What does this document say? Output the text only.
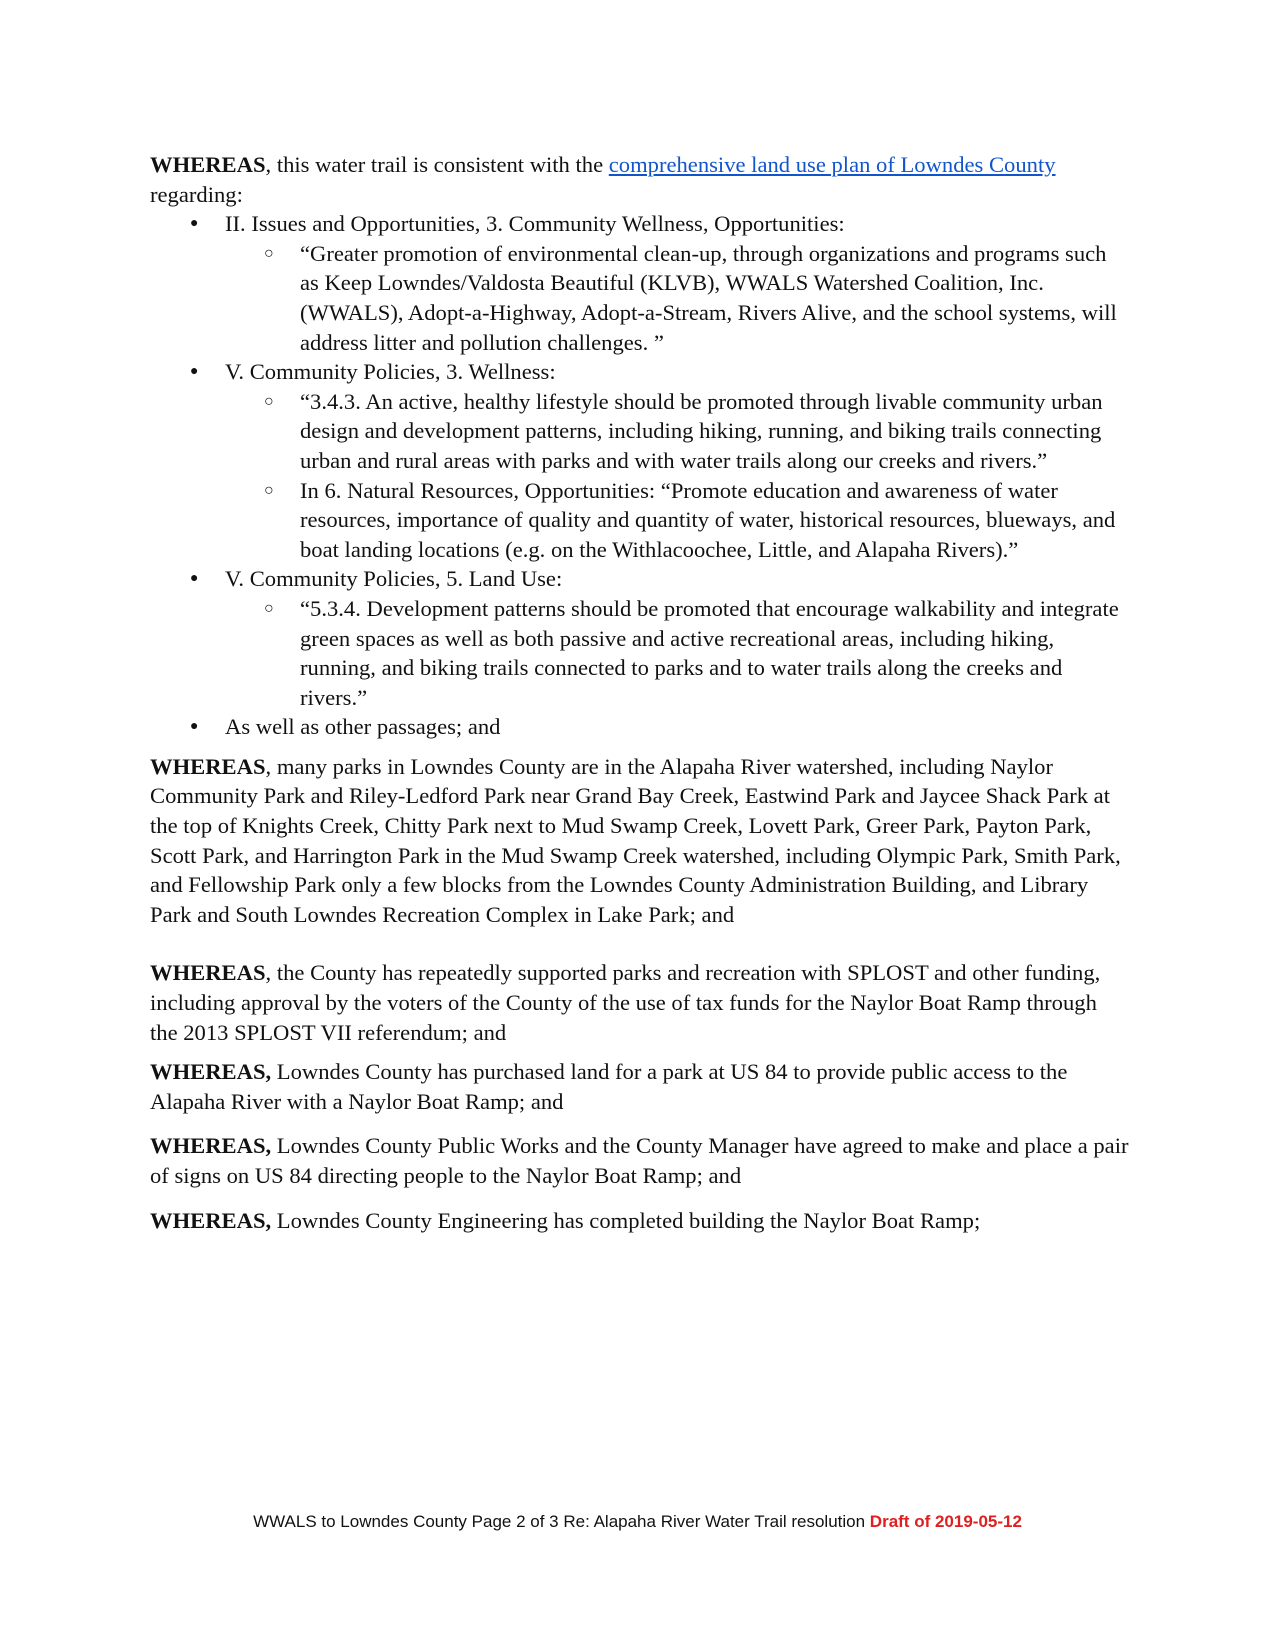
WHEREAS, this water trail is consistent with the comprehensive land use plan of Lowndes County regarding:

● II. Issues and Opportunities, 3. Community Wellness, Opportunities:
○ “Greater promotion of environmental clean-up, through organizations and programs such as Keep Lowndes/Valdosta Beautiful (KLVB), WWALS Watershed Coalition, Inc. (WWALS), Adopt-a-Highway, Adopt-a-Stream, Rivers Alive, and the school systems, will address litter and pollution challenges. ”
● V. Community Policies, 3. Wellness:
○ “3.4.3. An active, healthy lifestyle should be promoted through livable community urban design and development patterns, including hiking, running, and biking trails connecting urban and rural areas with parks and with water trails along our creeks and rivers.”
○ In 6. Natural Resources, Opportunities: “Promote education and awareness of water resources, importance of quality and quantity of water, historical resources, blueways, and boat landing locations (e.g. on the Withlacoochee, Little, and Alapaha Rivers).”
● V. Community Policies, 5. Land Use:
○ “5.3.4. Development patterns should be promoted that encourage walkability and integrate green spaces as well as both passive and active recreational areas, including hiking, running, and biking trails connected to parks and to water trails along the creeks and rivers.”
● As well as other passages; and

WHEREAS, many parks in Lowndes County are in the Alapaha River watershed, including Naylor Community Park and Riley-Ledford Park near Grand Bay Creek, Eastwind Park and Jaycee Shack Park at the top of Knights Creek, Chitty Park next to Mud Swamp Creek, Lovett Park, Greer Park, Payton Park, Scott Park, and Harrington Park in the Mud Swamp Creek watershed, including Olympic Park, Smith Park, and Fellowship Park only a few blocks from the Lowndes County Administration Building, and Library Park and South Lowndes Recreation Complex in Lake Park; and

WHEREAS, the County has repeatedly supported parks and recreation with SPLOST and other funding, including approval by the voters of the County of the use of tax funds for the Naylor Boat Ramp through the 2013 SPLOST VII referendum; and

WHEREAS, Lowndes County has purchased land for a park at US 84 to provide public access to the Alapaha River with a Naylor Boat Ramp; and

WHEREAS, Lowndes County Public Works and the County Manager have agreed to make and place a pair of signs on US 84 directing people to the Naylor Boat Ramp; and

WHEREAS, Lowndes County Engineering has completed building the Naylor Boat Ramp;

WWALS to Lowndes County Page 2 of 3 Re: Alapaha River Water Trail resolution Draft of 2019-05-12
